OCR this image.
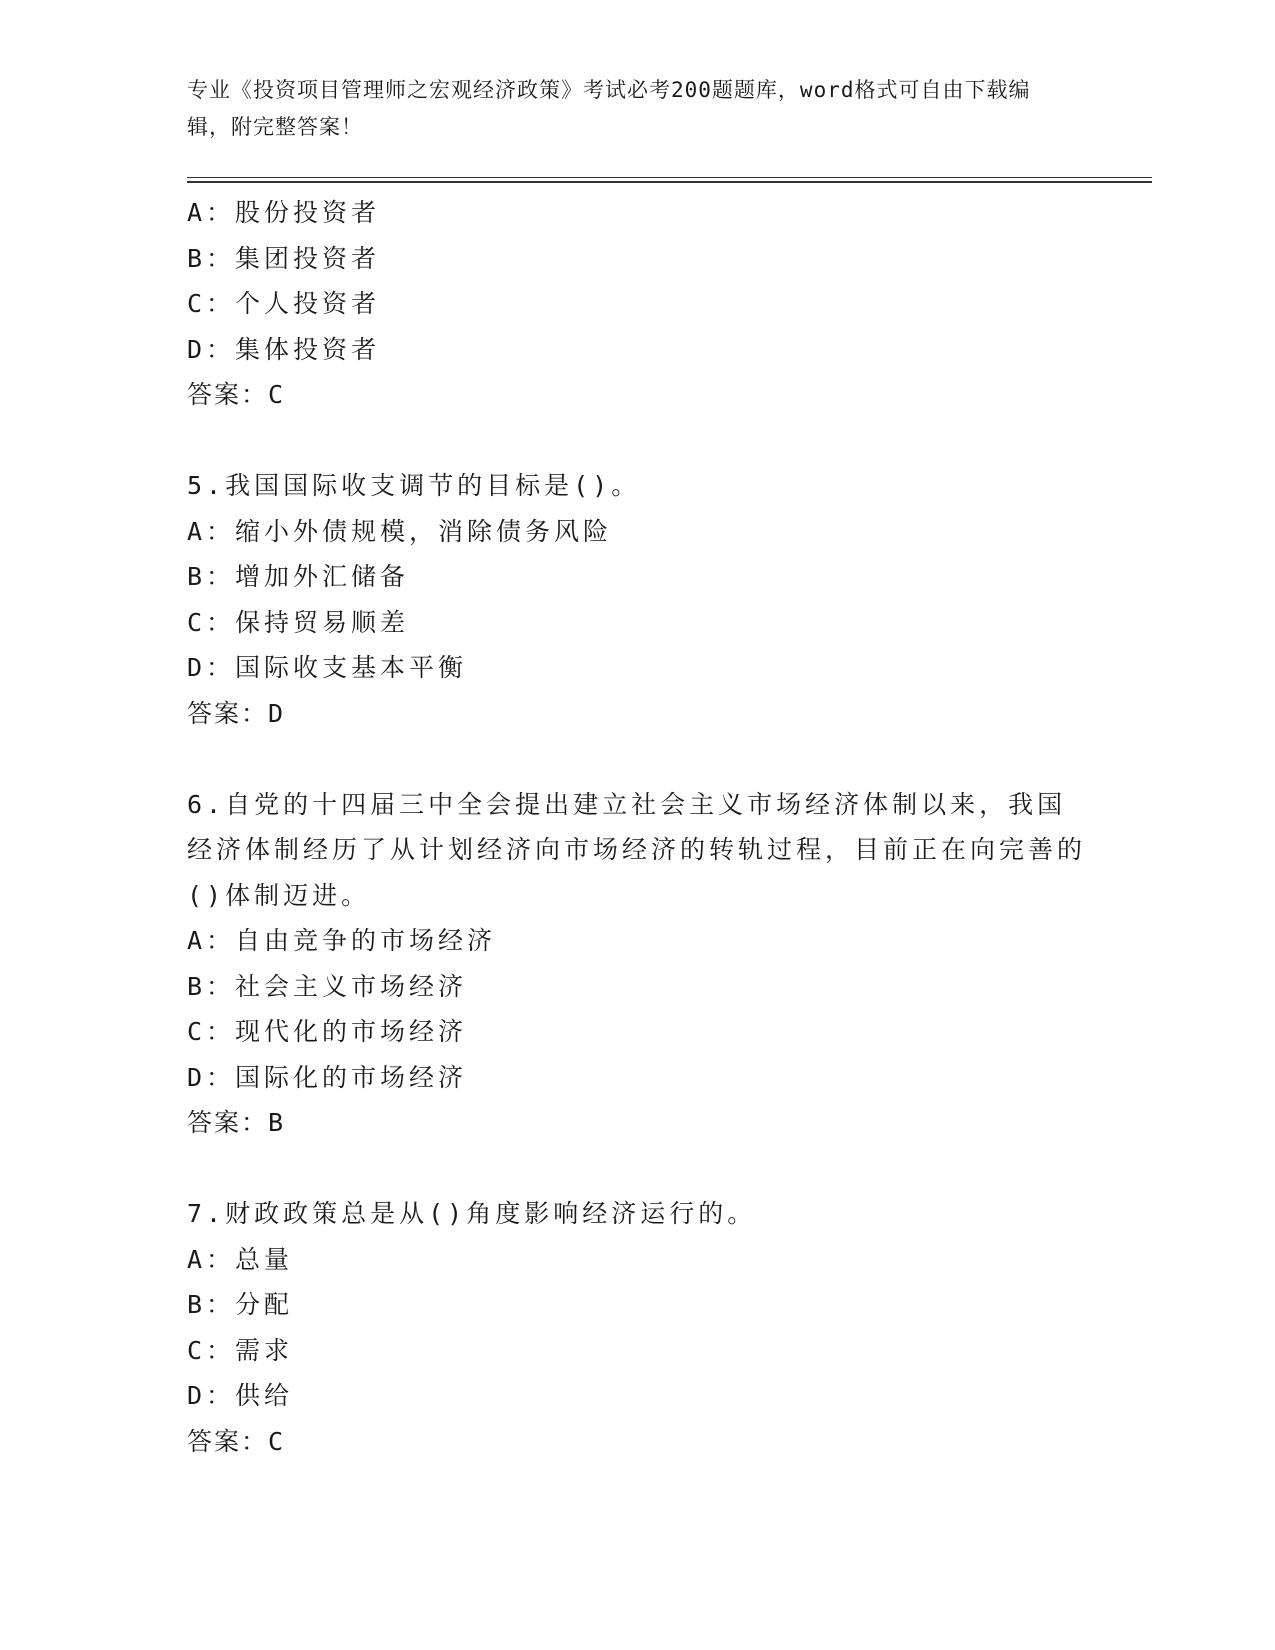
专业《投资项目管理师之宏观经济政策》考试必考200题题库，word格式可自由下载编辑，附完整答案！
A：股份投资者
B：集团投资者
C：个人投资者
D：集体投资者
答案：C
5.我国国际收支调节的目标是()。
A：缩小外债规模，消除债务风险
B：增加外汇储备
C：保持贸易顺差
D：国际收支基本平衡
答案：D
6.自党的十四届三中全会提出建立社会主义市场经济体制以来，我国经济体制经历了从计划经济向市场经济的转轨过程，目前正在向完善的()体制迈进。
A：自由竞争的市场经济
B：社会主义市场经济
C：现代化的市场经济
D：国际化的市场经济
答案：B
7.财政政策总是从()角度影响经济运行的。
A：总量
B：分配
C：需求
D：供给
答案：C
